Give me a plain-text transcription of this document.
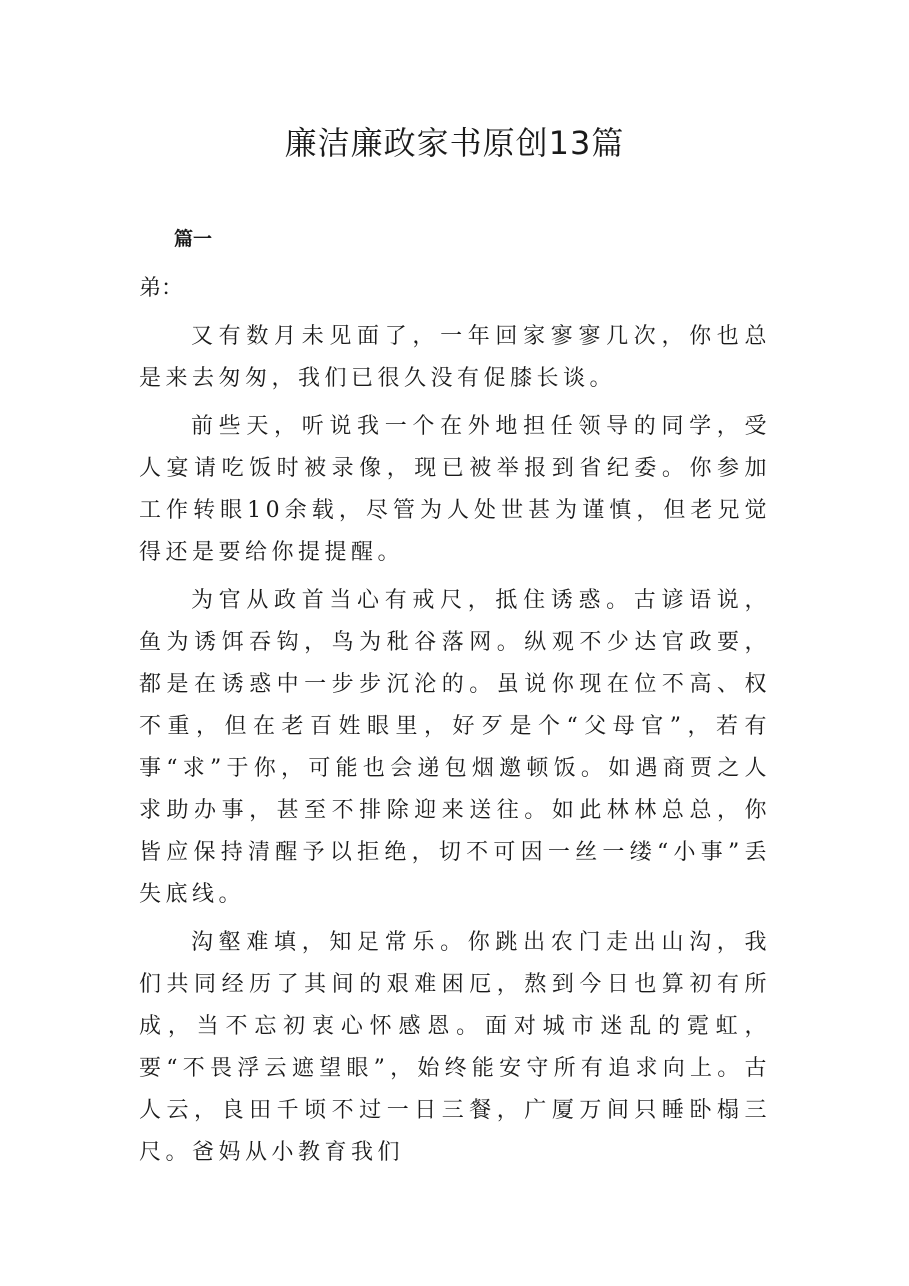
廉洁廉政家书原创13篇
篇一

弟：

又有数月未见面了，一年回家寥寥几次，你也总是来去匆匆，我们已很久没有促膝长谈。

前些天，听说我一个在外地担任领导的同学，受人宴请吃饭时被录像，现已被举报到省纪委。你参加工作转眼10余载，尽管为人处世甚为谨慎，但老兄觉得还是要给你提提醒。

为官从政首当心有戒尺，抵住诱惑。古谚语说，鱼为诱饵吞钩，鸟为秕谷落网。纵观不少达官政要，都是在诱惑中一步步沉沦的。虽说你现在位不高、权不重，但在老百姓眼里，好歹是个“父母官”，若有事“求”于你，可能也会递包烟邀顿饭。如遇商贾之人求助办事，甚至不排除迎来送往。如此林林总总，你皆应保持清醒予以拒绝，切不可因一丝一缕“小事”丢失底线。

沟壑难填，知足常乐。你跳出农门走出山沟，我们共同经历了其间的艰难困厄，熬到今日也算初有所成，当不忘初衷心怀感恩。面对城市迷乱的霓虹，要“不畏浮云遮望眼”，始终能安守所有追求向上。古人云，良田千顷不过一日三餐，广厦万间只睡卧榻三尺。爸妈从小教育我们
